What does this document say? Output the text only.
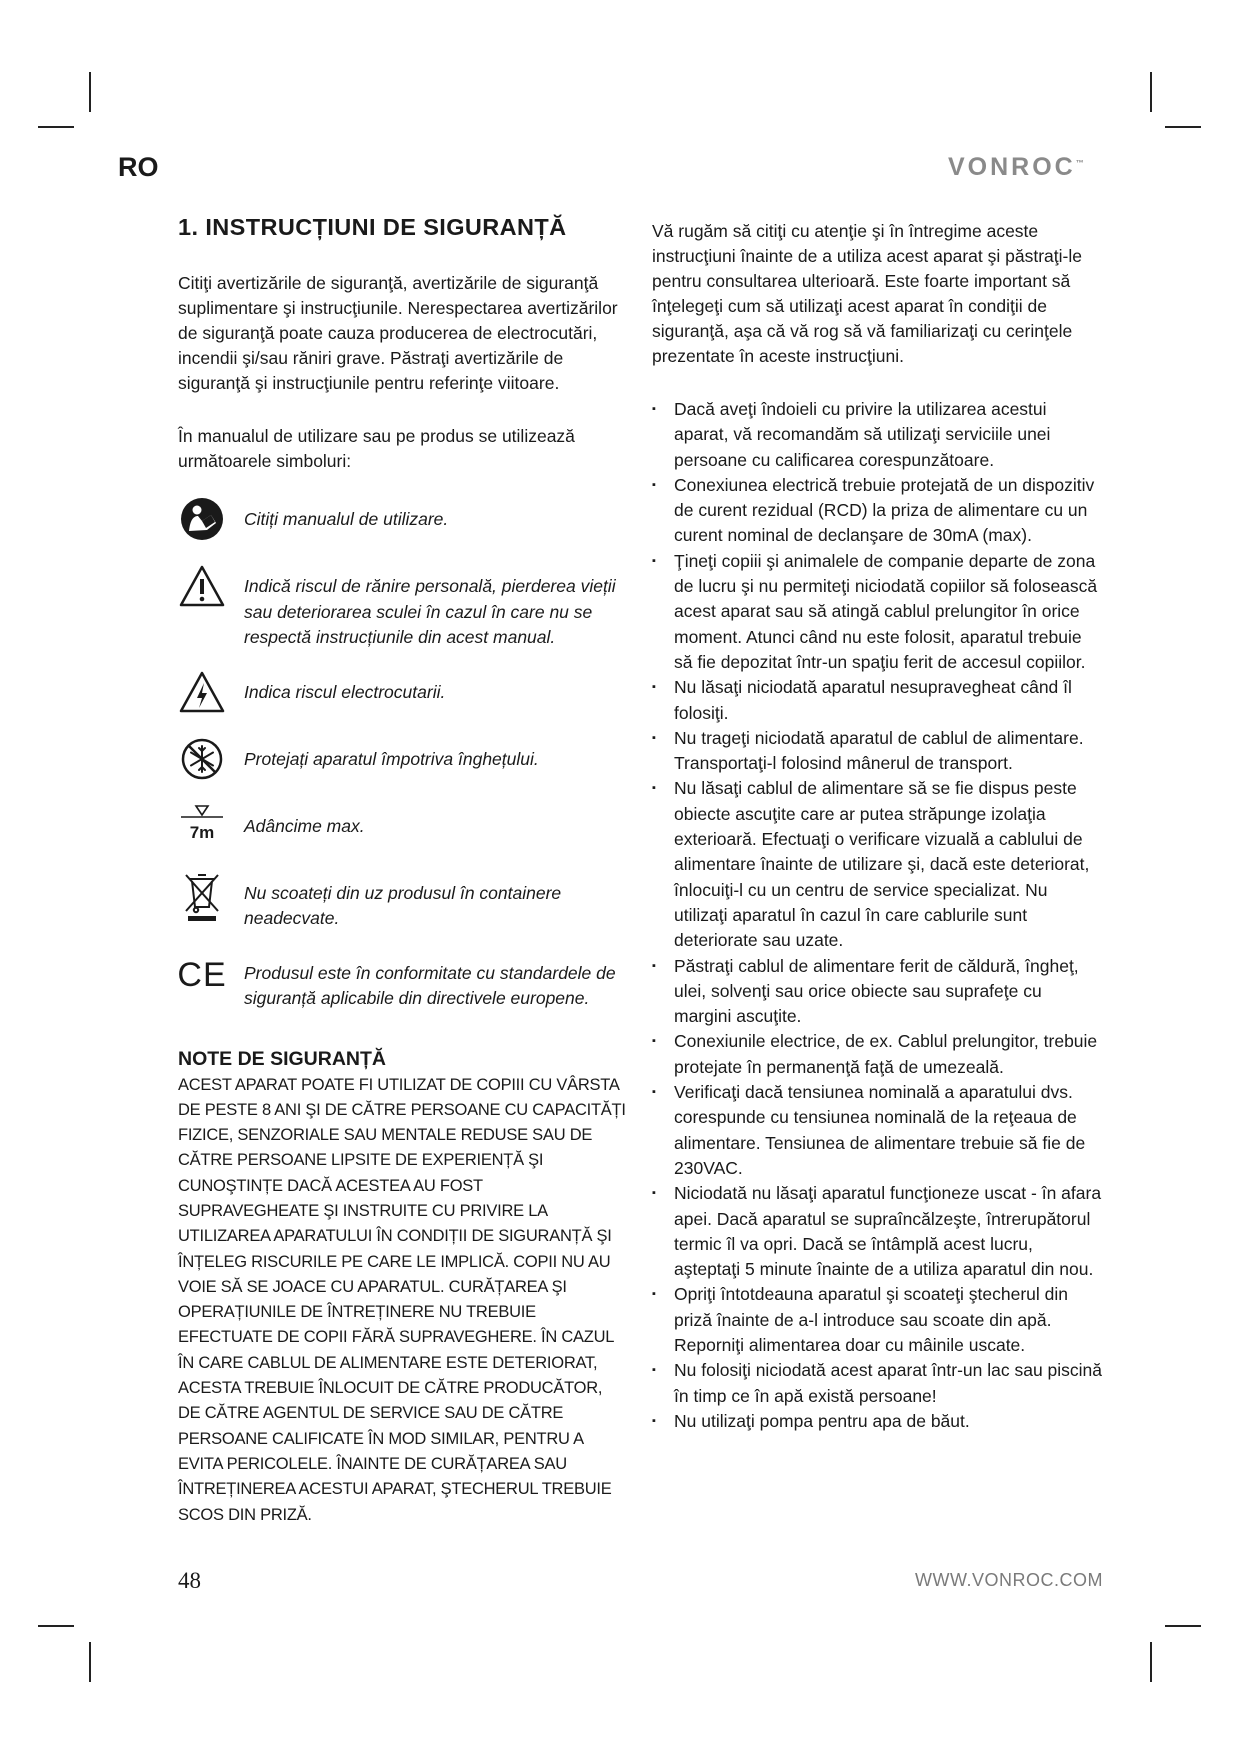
RO	VONROC™
1. INSTRUCȚIUNI DE SIGURANȚĂ

Citiţi avertizările de siguranţă, avertizările de siguranţă suplimentare şi instrucţiunile. Nerespectarea avertizărilor de siguranţă poate cauza producerea de electrocutări, incendii şi/sau răniri grave. Păstraţi avertizările de siguranţă şi instrucţiunile pentru referinţe viitoare.

În manualul de utilizare sau pe produs se utilizează următoarele simboluri:

Citiți manualul de utilizare.
Indică riscul de rănire personală, pierderea vieții sau deteriorarea sculei în cazul în care nu se respectă instrucțiunile din acest manual.
Indica riscul electrocutarii.
Protejați aparatul împotriva înghețului.
7m	Adâncime max.
Nu scoateți din uz produsul în containere neadecvate.
CE Produsul este în conformitate cu standardele de siguranță aplicabile din directivele europene.
NOTE DE SIGURANȚĂ

ACEST APARAT POATE FI UTILIZAT DE COPIII CU VÂRSTA DE PESTE 8 ANI ŞI DE CĂTRE PERSOANE CU CAPACITĂȚI FIZICE, SENZORIALE SAU MENTALE REDUSE SAU DE CĂTRE PERSOANE LIPSITE DE EXPERIENȚĂ ŞI CUNOŞTINȚE DACĂ ACESTEA AU FOST SUPRAVEGHEATE ŞI INSTRUITE CU PRIVIRE LA UTILIZAREA APARATULUI ÎN CONDIȚII DE SIGURANȚĂ ŞI ÎNȚELEG RISCURILE PE CARE LE IMPLICĂ. COPII NU AU VOIE SĂ SE JOACE CU APARATUL. CURĂȚAREA ŞI OPERAȚIUNILE DE ÎNTREȚINERE NU TREBUIE EFECTUATE DE COPII FĂRĂ SUPRAVEGHERE. ÎN CAZUL ÎN CARE CABLUL DE ALIMENTARE ESTE DETERIORAT, ACESTA TREBUIE ÎNLOCUIT DE CĂTRE PRODUCĂTOR, DE CĂTRE AGENTUL DE SERVICE SAU DE CĂTRE PERSOANE CALIFICATE ÎN MOD SIMILAR, PENTRU A EVITA PERICOLELE. ÎNAINTE DE CURĂȚAREA SAU ÎNTREȚINEREA ACESTUI APARAT, ŞTECHERUL TREBUIE SCOS DIN PRIZĂ.

Vă rugăm să citiţi cu atenţie şi în întregime aceste instrucţiuni înainte de a utiliza acest aparat şi păstraţi-le pentru consultarea ulterioară. Este foarte important să înţelegeţi cum să utilizaţi acest aparat în condiţii de siguranţă, aşa că vă rog să vă familiarizaţi cu cerinţele prezentate în aceste instrucţiuni.

▪ Dacă aveţi îndoieli cu privire la utilizarea acestui aparat, vă recomandăm să utilizaţi serviciile unei persoane cu calificarea corespunzătoare.
▪ Conexiunea electrică trebuie protejată de un dispozitiv de curent rezidual (RCD) la priza de alimentare cu un curent nominal de declanşare de 30mA (max).
▪ Ţineţi copiii şi animalele de companie departe de zona de lucru şi nu permiteţi niciodată copiilor să folosească acest aparat sau să atingă cablul prelungitor în orice moment. Atunci când nu este folosit, aparatul trebuie să fie depozitat într-un spaţiu ferit de accesul copiilor.
▪ Nu lăsaţi niciodată aparatul nesupravegheat când îl folosiţi.
▪ Nu trageţi niciodată aparatul de cablul de alimentare. Transportaţi-l folosind mânerul de transport.
▪ Nu lăsaţi cablul de alimentare să se fie dispus peste obiecte ascuţite care ar putea străpunge izolaţia exterioară. Efectuaţi o verificare vizuală a cablului de alimentare înainte de utilizare şi, dacă este deteriorat, înlocuiţi-l cu un centru de service specializat. Nu utilizaţi aparatul în cazul în care cablurile sunt deteriorate sau uzate.
▪ Păstraţi cablul de alimentare ferit de căldură, îngheţ, ulei, solvenţi sau orice obiecte sau suprafeţe cu margini ascuţite.
▪ Conexiunile electrice, de ex. Cablul prelungitor, trebuie protejate în permanenţă faţă de umezeală.
▪ Verificaţi dacă tensiunea nominală a aparatului dvs. corespunde cu tensiunea nominală de la reţeaua de alimentare. Tensiunea de alimentare trebuie să fie de 230VAC.
▪ Niciodată nu lăsaţi aparatul funcţioneze uscat - în afara apei. Dacă aparatul se supraîncălzeşte, întrerupătorul termic îl va opri. Dacă se întâmplă acest lucru, aşteptaţi 5 minute înainte de a utiliza aparatul din nou.
▪ Opriţi întotdeauna aparatul şi scoateţi ştecherul din priză înainte de a-l introduce sau scoate din apă. Reporniţi alimentarea doar cu mâinile uscate.
▪ Nu folosiţi niciodată acest aparat într-un lac sau piscină în timp ce în apă există persoane!
▪ Nu utilizaţi pompa pentru apa de băut.
48	WWW.VONROC.COM
